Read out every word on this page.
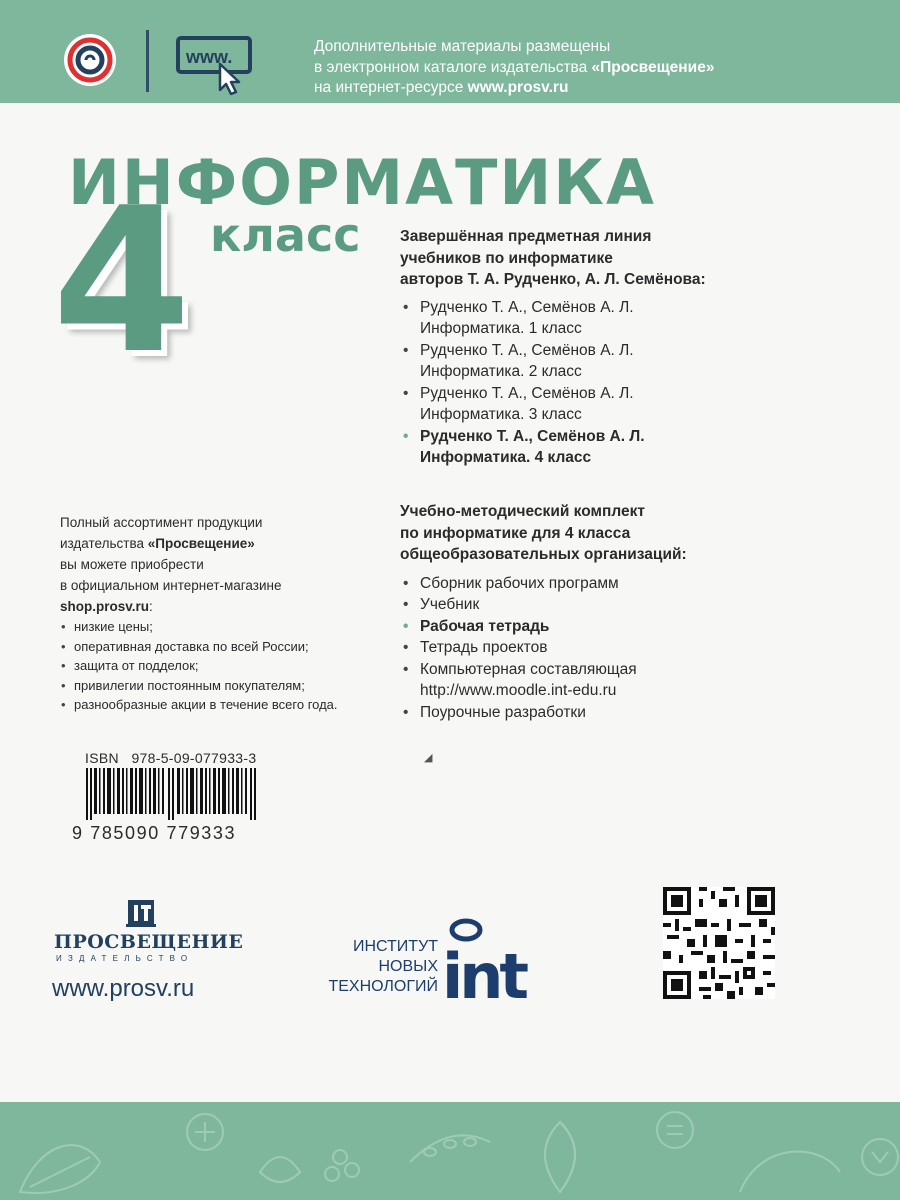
www.
Дополнительные материалы размещены
в электронном каталоге издательства «Просвещение»
на интернет-ресурсе www.prosv.ru
ИНФОРМАТИКА
4 класс	Завершённая предметная линия
учебников по информатике
авторов Т. А. Рудченко, А. Л. Семёнова:
• Рудченко Т. А., Семёнов А. Л.
Информатика. 1 класс
• Рудченко Т. А., Семёнов А. Л.
Информатика. 2 класс
• Рудченко Т. А., Семёнов А. Л.
Информатика. 3 класс
• Рудченко Т. А., Семёнов А. Л.
Информатика. 4 класс
Учебно-методический комплект
по информатике для 4 класса
общеобразовательных организаций:
• Сборник рабочих программ
• Учебник
• Рабочая тетрадь
• Тетрадь проектов
• Компьютерная составляющая
http://www.moodle.int-edu.ru
• Поурочные разработки
◢
Полный ассортимент продукции
издательства «Просвещение»
вы можете приобрести
в официальном интернет-магазине
shop.prosv.ru:
• низкие цены;
• оперативная доставка по всей России;
• защита от подделок;
• привилегии постоянным покупателям;
• разнообразные акции в течение всего года.
ISBN 978-5-09-077933-3
9 785090 779333
ПРОСВЕЩЕНИЕ
ИЗДАТЕЛЬСТВО
www.prosv.ru
ИНСТИТУТ
НОВЫХ
ТЕХНОЛОГИЙ int
